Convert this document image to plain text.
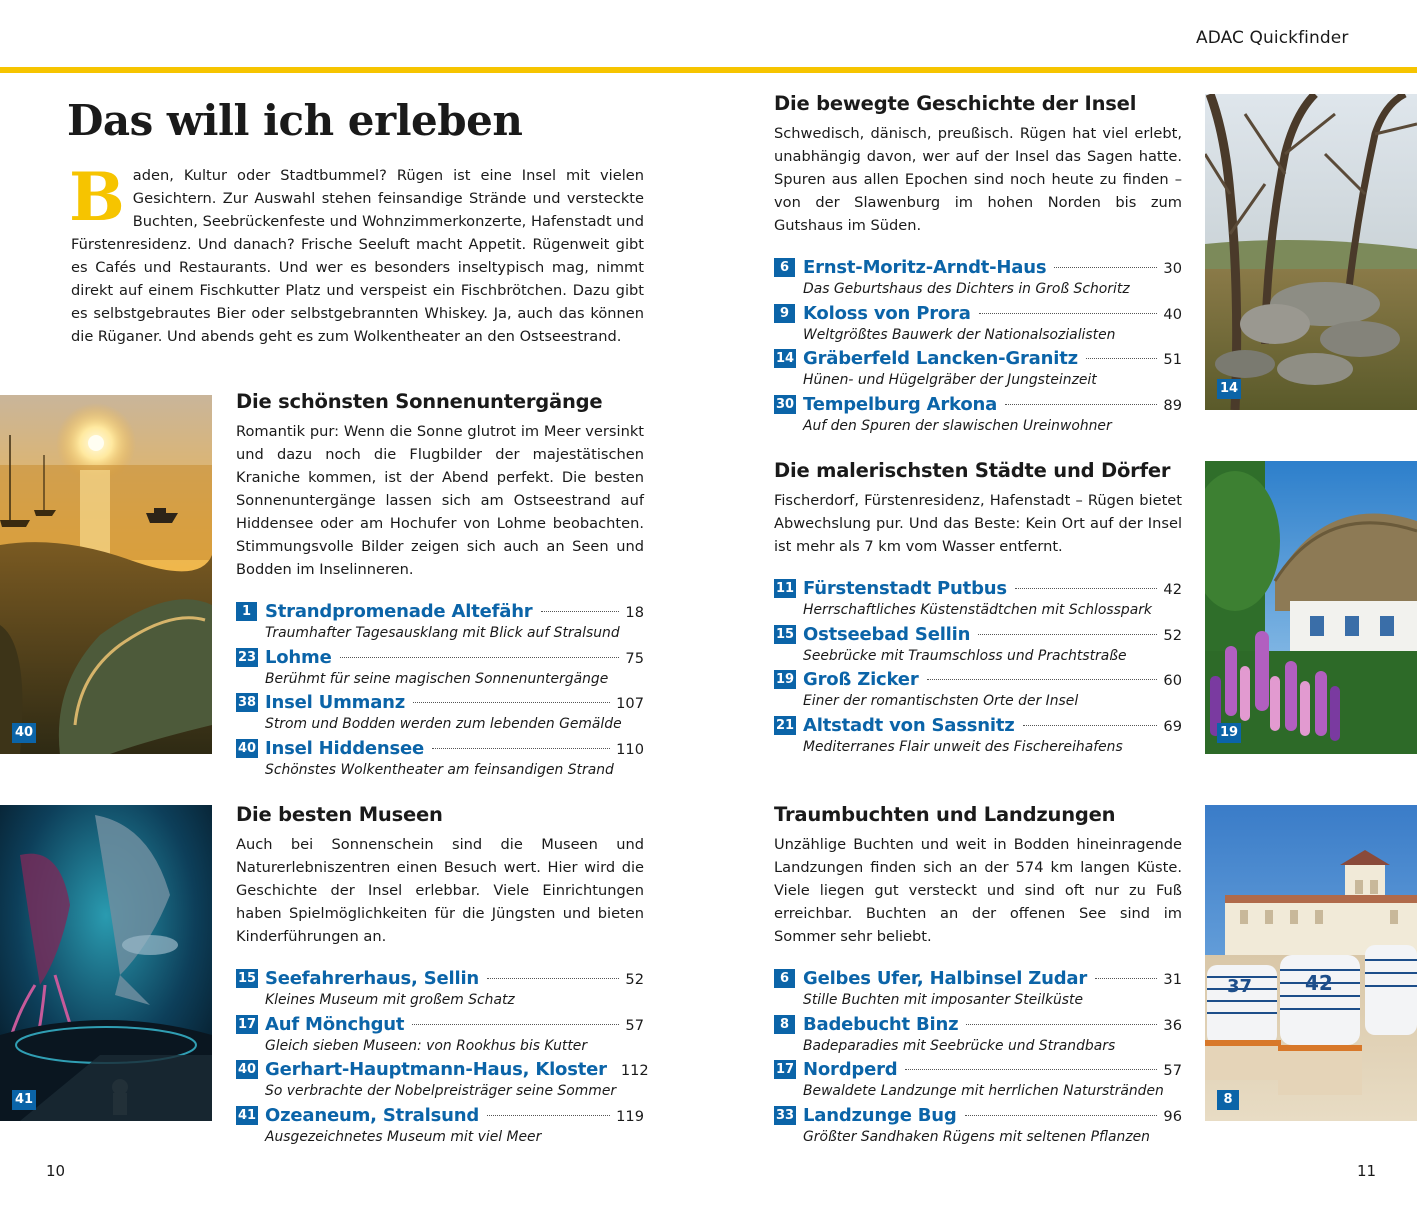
ADAC Quickfinder
Das will ich erleben
Baden, Kultur oder Stadtbummel? Rügen ist eine Insel mit vielen Gesichtern. Zur Auswahl stehen feinsandige Strände und versteckte Buchten, Seebrückenfeste und Wohnzimmerkonzerte, Hafenstadt und Fürstenresidenz. Und danach? Frische Seeluft macht Appetit. Rügenweit gibt es Cafés und Restaurants. Und wer es besonders inseltypisch mag, nimmt direkt auf einem Fischkutter Platz und verspeist ein Fischbrötchen. Dazu gibt es selbstgebrautes Bier oder selbstgebrannten Whiskey. Ja, auch das können die Rüganer. Und abends geht es zum Wolkentheater an den Ostseestrand.
40
Die schönsten Sonnenuntergänge

Romantik pur: Wenn die Sonne glutrot im Meer versinkt und dazu noch die Flugbilder der majestätischen Kraniche kommen, ist der Abend perfekt. Die besten Sonnenuntergänge lassen sich am Ostseestrand auf Hiddensee oder am Hochufer von Lohme beobachten. Stimmungsvolle Bilder zeigen sich auch an Seen und Bodden im Inselinneren.

1 Strandpromenade Altefähr	18
Traumhafter Tagesausklang mit Blick auf Stralsund
23 Lohme	75
Berühmt für seine magischen Sonnenuntergänge
38 Insel Ummanz	107
Strom und Bodden werden zum lebenden Gemälde
40 Insel Hiddensee	110
Schönstes Wolkentheater am feinsandigen Strand
41
Die besten Museen

Auch bei Sonnenschein sind die Museen und Naturerlebniszentren einen Besuch wert. Hier wird die Geschichte der Insel erlebbar. Viele Einrichtungen haben Spielmöglichkeiten für die Jüngsten und bieten Kinderführungen an.

15 Seefahrerhaus, Sellin	52
Kleines Museum mit großem Schatz
17 Auf Mönchgut	57
Gleich sieben Museen: von Rookhus bis Kutter
40 Gerhart-Hauptmann-Haus, Kloster 112
So verbrachte der Nobelpreisträger seine Sommer
41 Ozeaneum, Stralsund	119
Ausgezeichnetes Museum mit viel Meer
Die bewegte Geschichte der Insel

Schwedisch, dänisch, preußisch. Rügen hat viel erlebt, unabhängig davon, wer auf der Insel das Sagen hatte. Spuren aus allen Epochen sind noch heute zu finden – von der Slawenburg im hohen Norden bis zum Gutshaus im Süden.

6 Ernst-Moritz-Arndt-Haus	30
Das Geburtshaus des Dichters in Groß Schoritz
9 Koloss von Prora	40
Weltgrößtes Bauwerk der Nationalsozialisten
14 Gräberfeld Lancken-Granitz	51
Hünen- und Hügelgräber der Jungsteinzeit
30 Tempelburg Arkona	89
Auf den Spuren der slawischen Ureinwohner
14
Die malerischsten Städte und Dörfer

Fischerdorf, Fürstenresidenz, Hafenstadt – Rügen bietet Abwechslung pur. Und das Beste: Kein Ort auf der Insel ist mehr als 7 km vom Wasser entfernt.

11 Fürstenstadt Putbus	42
Herrschaftliches Küstenstädtchen mit Schlosspark
15 Ostseebad Sellin	52
Seebrücke mit Traumschloss und Prachtstraße
19 Groß Zicker	60
Einer der romantischsten Orte der Insel
21 Altstadt von Sassnitz	69
Mediterranes Flair unweit des Fischereihafens
19
Traumbuchten und Landzungen

Unzählige Buchten und weit in Bodden hineinragende Landzungen finden sich an der 574 km langen Küste. Viele liegen gut versteckt und sind oft nur zu Fuß erreichbar. Buchten an der offenen See sind im Sommer sehr beliebt.

6 Gelbes Ufer, Halbinsel Zudar	31
Stille Buchten mit imposanter Steilküste
8 Badebucht Binz	36
Badeparadies mit Seebrücke und Strandbars
17 Nordperd	57
Bewaldete Landzunge mit herrlichen Naturstränden
33 Landzunge Bug	96
Größter Sandhaken Rügens mit seltenen Pflanzen
37	42
8
10	11
